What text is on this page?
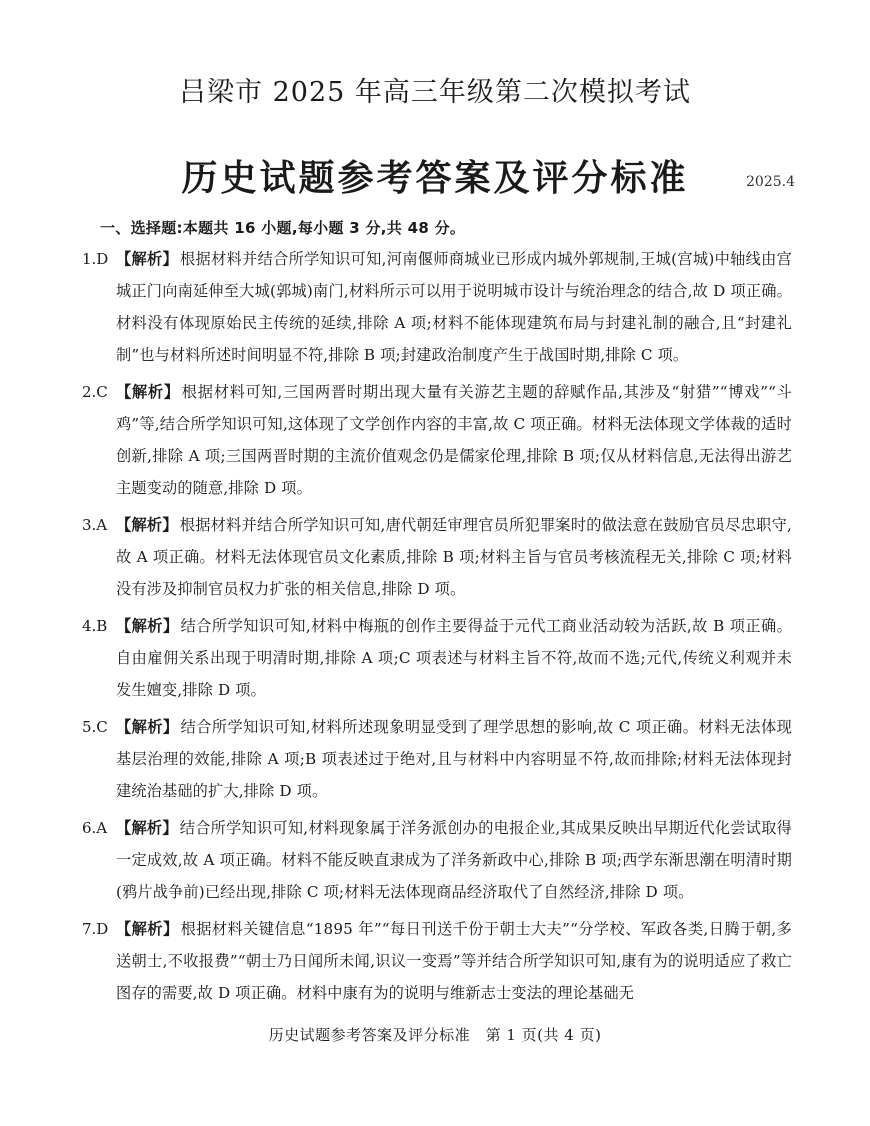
吕梁市 2025 年高三年级第二次模拟考试
历史试题参考答案及评分标准	2025.4
一、选择题:本题共 16 小题,每小题 3 分,共 48 分。
1.D 【解析】 根据材料并结合所学知识可知,河南偃师商城业已形成内城外郭规制,王城(宫城)中轴线由宫城正门向南延伸至大城(郭城)南门,材料所示可以用于说明城市设计与统治理念的结合,故 D 项正确。材料没有体现原始民主传统的延续,排除 A 项;材料不能体现建筑布局与封建礼制的融合,且“封建礼制”也与材料所述时间明显不符,排除 B 项;封建政治制度产生于战国时期,排除 C 项。
2.C 【解析】 根据材料可知,三国两晋时期出现大量有关游艺主题的辞赋作品,其涉及“射猎”“博戏”“斗鸡”等,结合所学知识可知,这体现了文学创作内容的丰富,故 C 项正确。材料无法体现文学体裁的适时创新,排除 A 项;三国两晋时期的主流价值观念仍是儒家伦理,排除 B 项;仅从材料信息,无法得出游艺主题变动的随意,排除 D 项。
3.A 【解析】 根据材料并结合所学知识可知,唐代朝廷审理官员所犯罪案时的做法意在鼓励官员尽忠职守,故 A 项正确。材料无法体现官员文化素质,排除 B 项;材料主旨与官员考核流程无关,排除 C 项;材料没有涉及抑制官员权力扩张的相关信息,排除 D 项。
4.B 【解析】 结合所学知识可知,材料中梅瓶的创作主要得益于元代工商业活动较为活跃,故 B 项正确。自由雇佣关系出现于明清时期,排除 A 项;C 项表述与材料主旨不符,故而不选;元代,传统义利观并未发生嬗变,排除 D 项。
5.C 【解析】 结合所学知识可知,材料所述现象明显受到了理学思想的影响,故 C 项正确。材料无法体现基层治理的效能,排除 A 项;B 项表述过于绝对,且与材料中内容明显不符,故而排除;材料无法体现封建统治基础的扩大,排除 D 项。
6.A 【解析】 结合所学知识可知,材料现象属于洋务派创办的电报企业,其成果反映出早期近代化尝试取得一定成效,故 A 项正确。材料不能反映直隶成为了洋务新政中心,排除 B 项;西学东渐思潮在明清时期(鸦片战争前)已经出现,排除 C 项;材料无法体现商品经济取代了自然经济,排除 D 项。
7.D 【解析】 根据材料关键信息“1895 年”“每日刊送千份于朝士大夫”“分学校、军政各类,日腾于朝,多送朝士,不收报费”“朝士乃日闻所未闻,识议一变焉”等并结合所学知识可知,康有为的说明适应了救亡图存的需要,故 D 项正确。材料中康有为的说明与维新志士变法的理论基础无
历史试题参考答案及评分标准　第 1 页(共 4 页)
